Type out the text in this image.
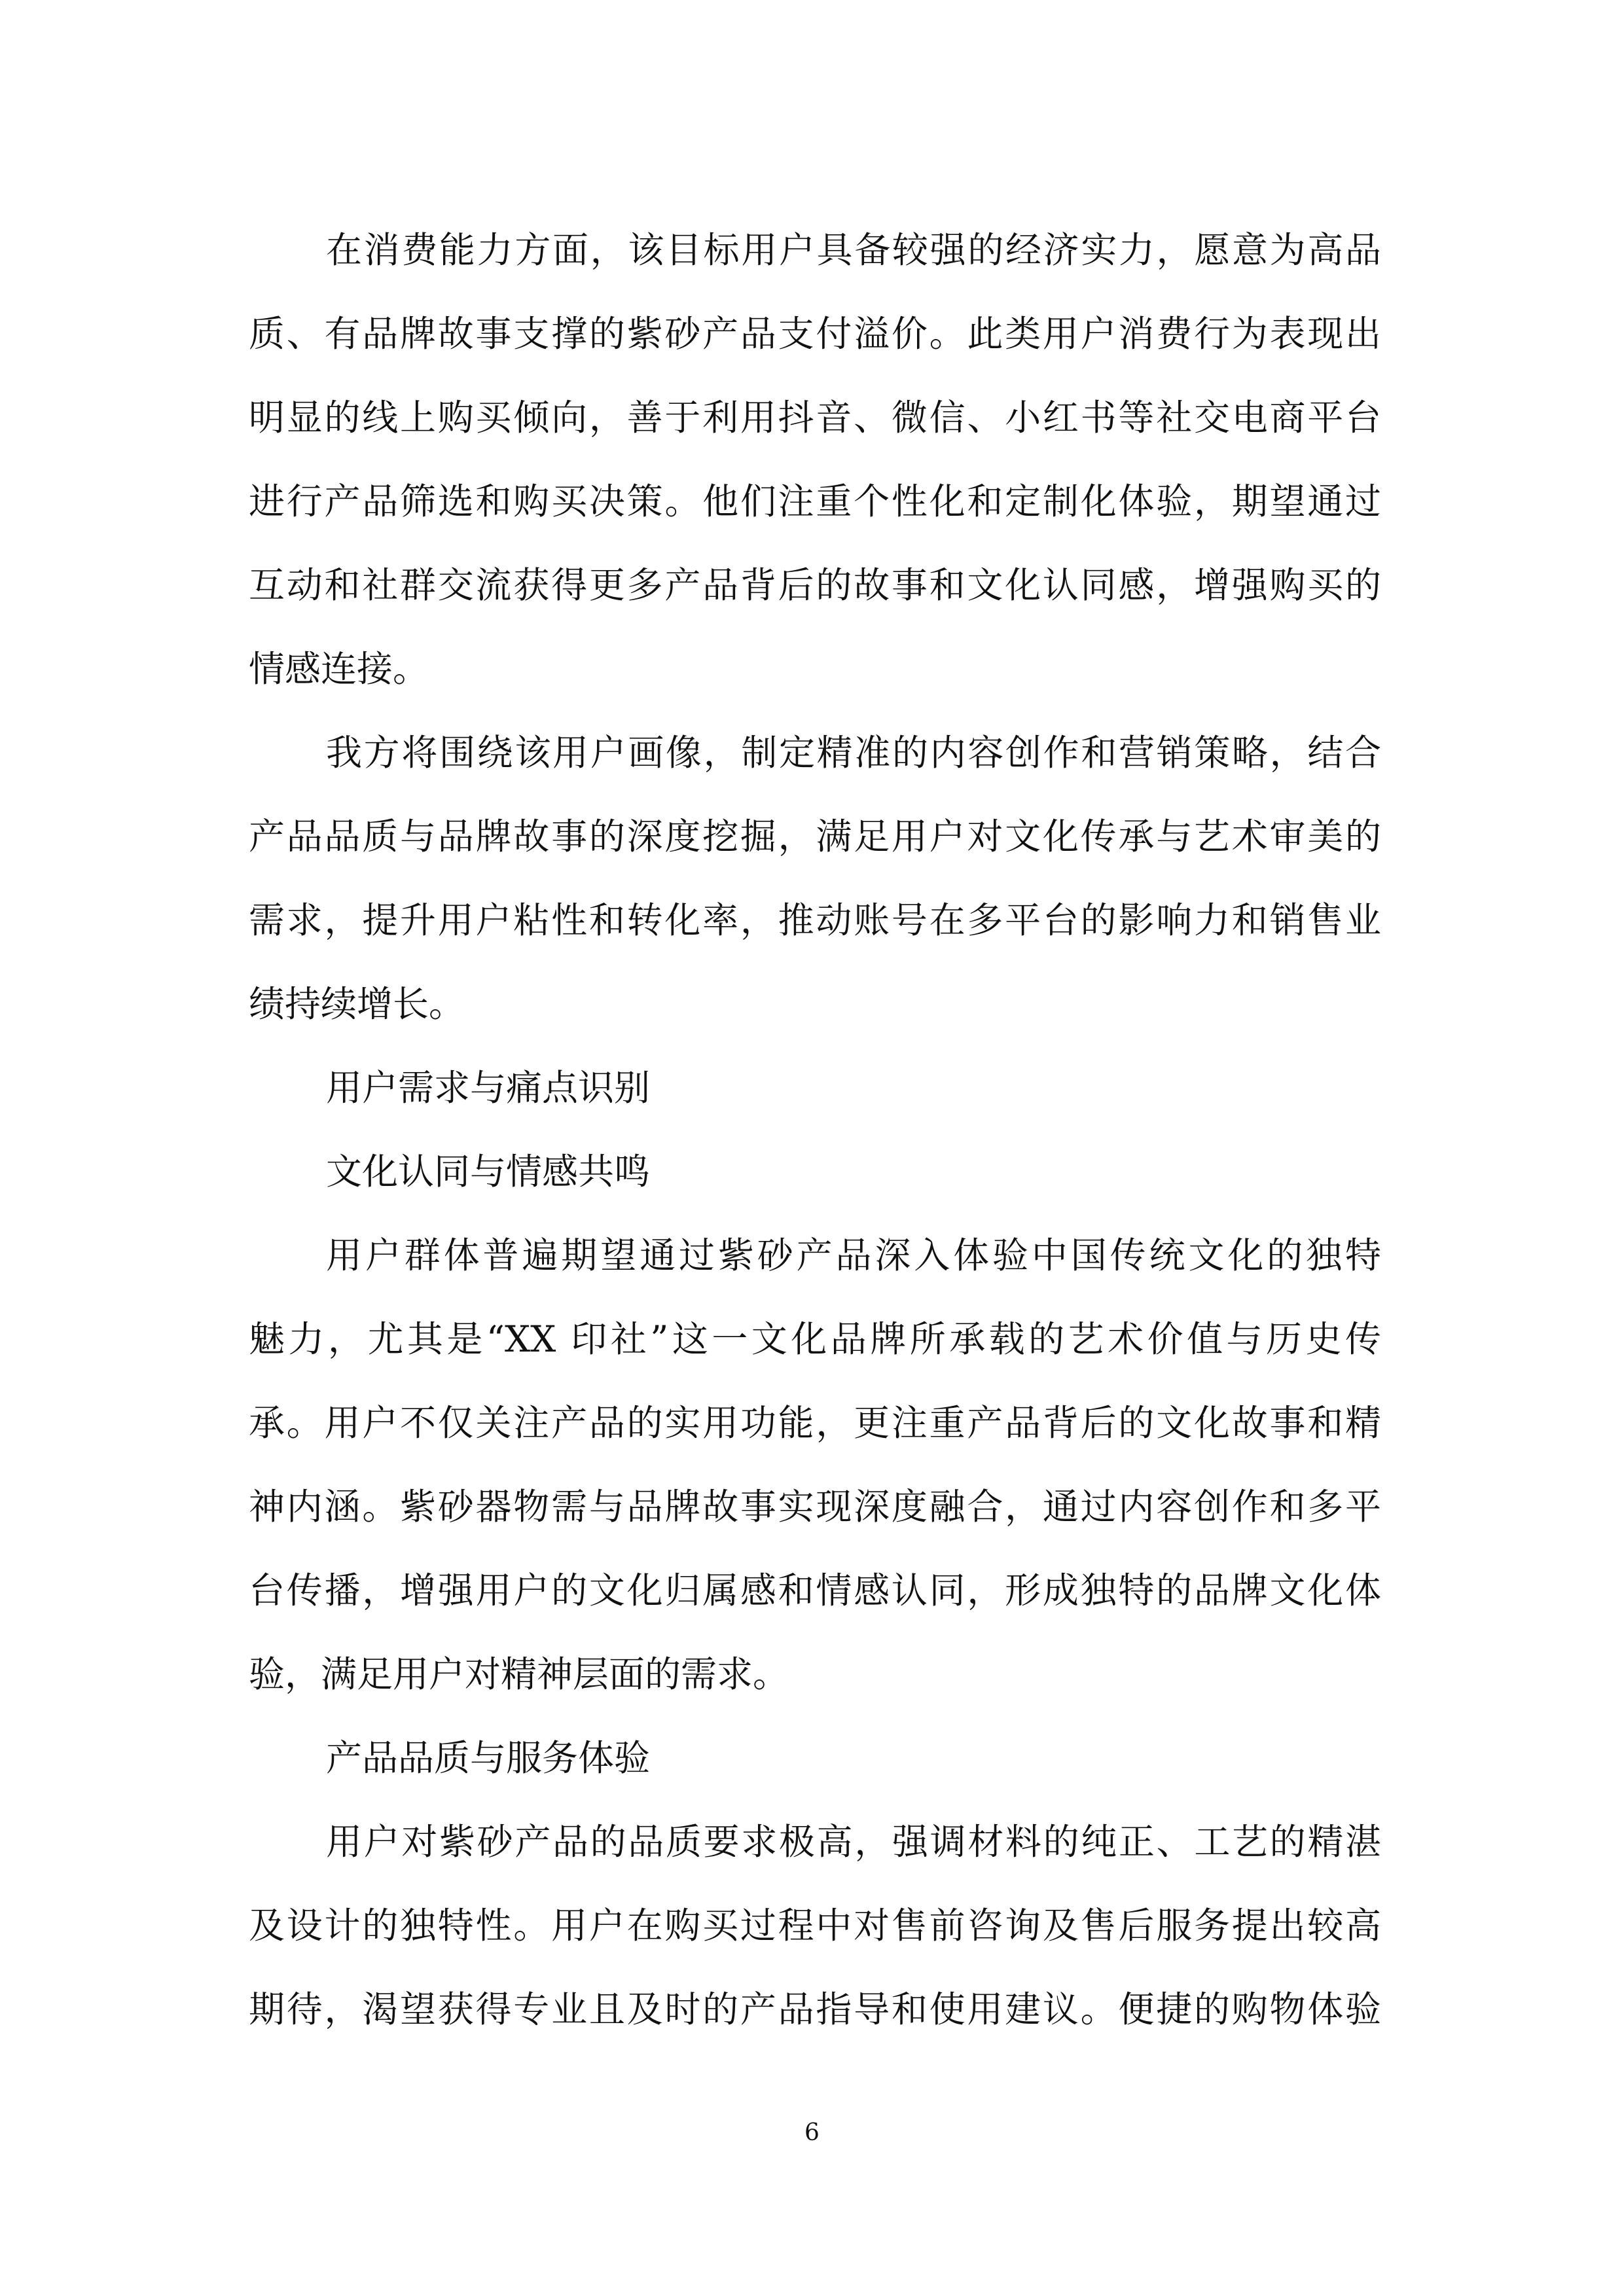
在消费能力方面，该目标用户具备较强的经济实力，愿意为高品
质、有品牌故事支撑的紫砂产品支付溢价。此类用户消费行为表现出
明显的线上购买倾向，善于利用抖音、微信、小红书等社交电商平台
进行产品筛选和购买决策。他们注重个性化和定制化体验，期望通过
互动和社群交流获得更多产品背后的故事和文化认同感，增强购买的
情感连接。
我方将围绕该用户画像，制定精准的内容创作和营销策略，结合
产品品质与品牌故事的深度挖掘，满足用户对文化传承与艺术审美的
需求，提升用户粘性和转化率，推动账号在多平台的影响力和销售业
绩持续增长。
用户需求与痛点识别
文化认同与情感共鸣
用户群体普遍期望通过紫砂产品深入体验中国传统文化的独特
魅力，尤其是“XX 印社”这一文化品牌所承载的艺术价值与历史传
承。用户不仅关注产品的实用功能，更注重产品背后的文化故事和精
神内涵。紫砂器物需与品牌故事实现深度融合，通过内容创作和多平
台传播，增强用户的文化归属感和情感认同，形成独特的品牌文化体
验，满足用户对精神层面的需求。
产品品质与服务体验
用户对紫砂产品的品质要求极高，强调材料的纯正、工艺的精湛
及设计的独特性。用户在购买过程中对售前咨询及售后服务提出较高
期待，渴望获得专业且及时的产品指导和使用建议。便捷的购物体验
6
